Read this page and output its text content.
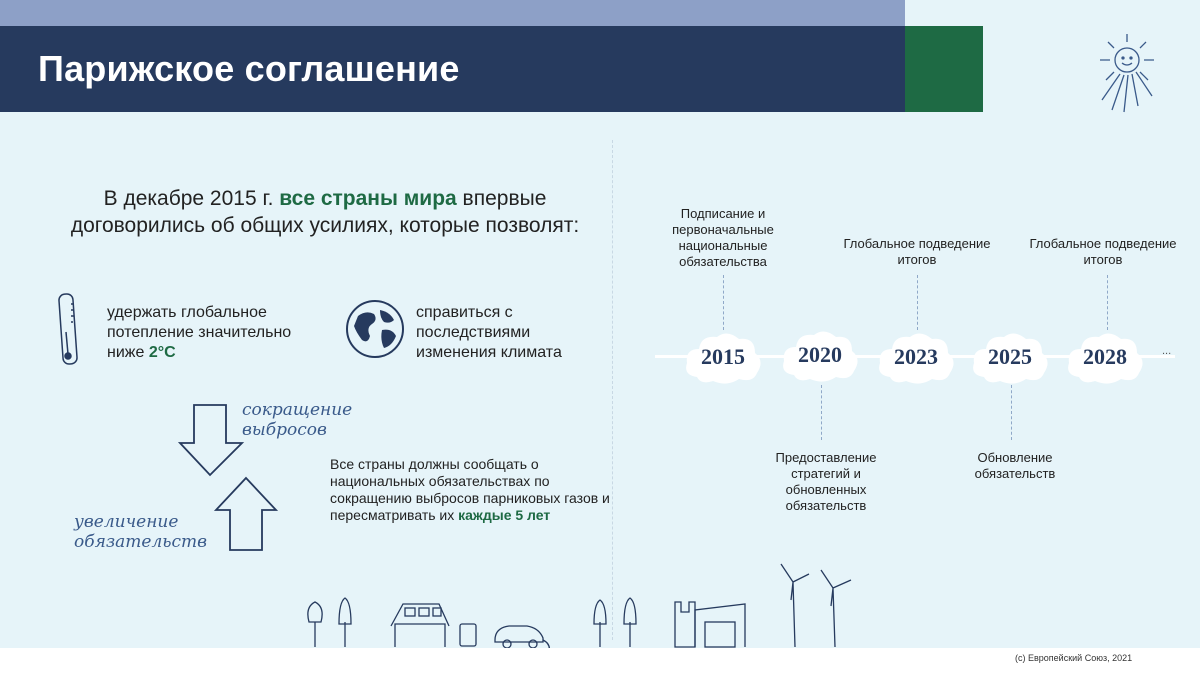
Парижское соглашение
В декабре 2015 г. все страны мира впервые договорились об общих усилиях, которые позволят:
удержать глобальное потепление значительно ниже 2°С
справиться с последствиями изменения климата
сокращение выбросов
увеличение обязательств
Все страны должны сообщать о национальных обязательствах по сокращению выбросов парниковых газов и пересматривать их каждые 5 лет
2015	2020	2023	2025	2028	...
Подписание и первоначальные национальные обязательства
Глобальное подведение итогов
Глобальное подведение итогов
Предоставление стратегий и обновленных обязательств
Обновление обязательств
(c) Европейский Союз, 2021
